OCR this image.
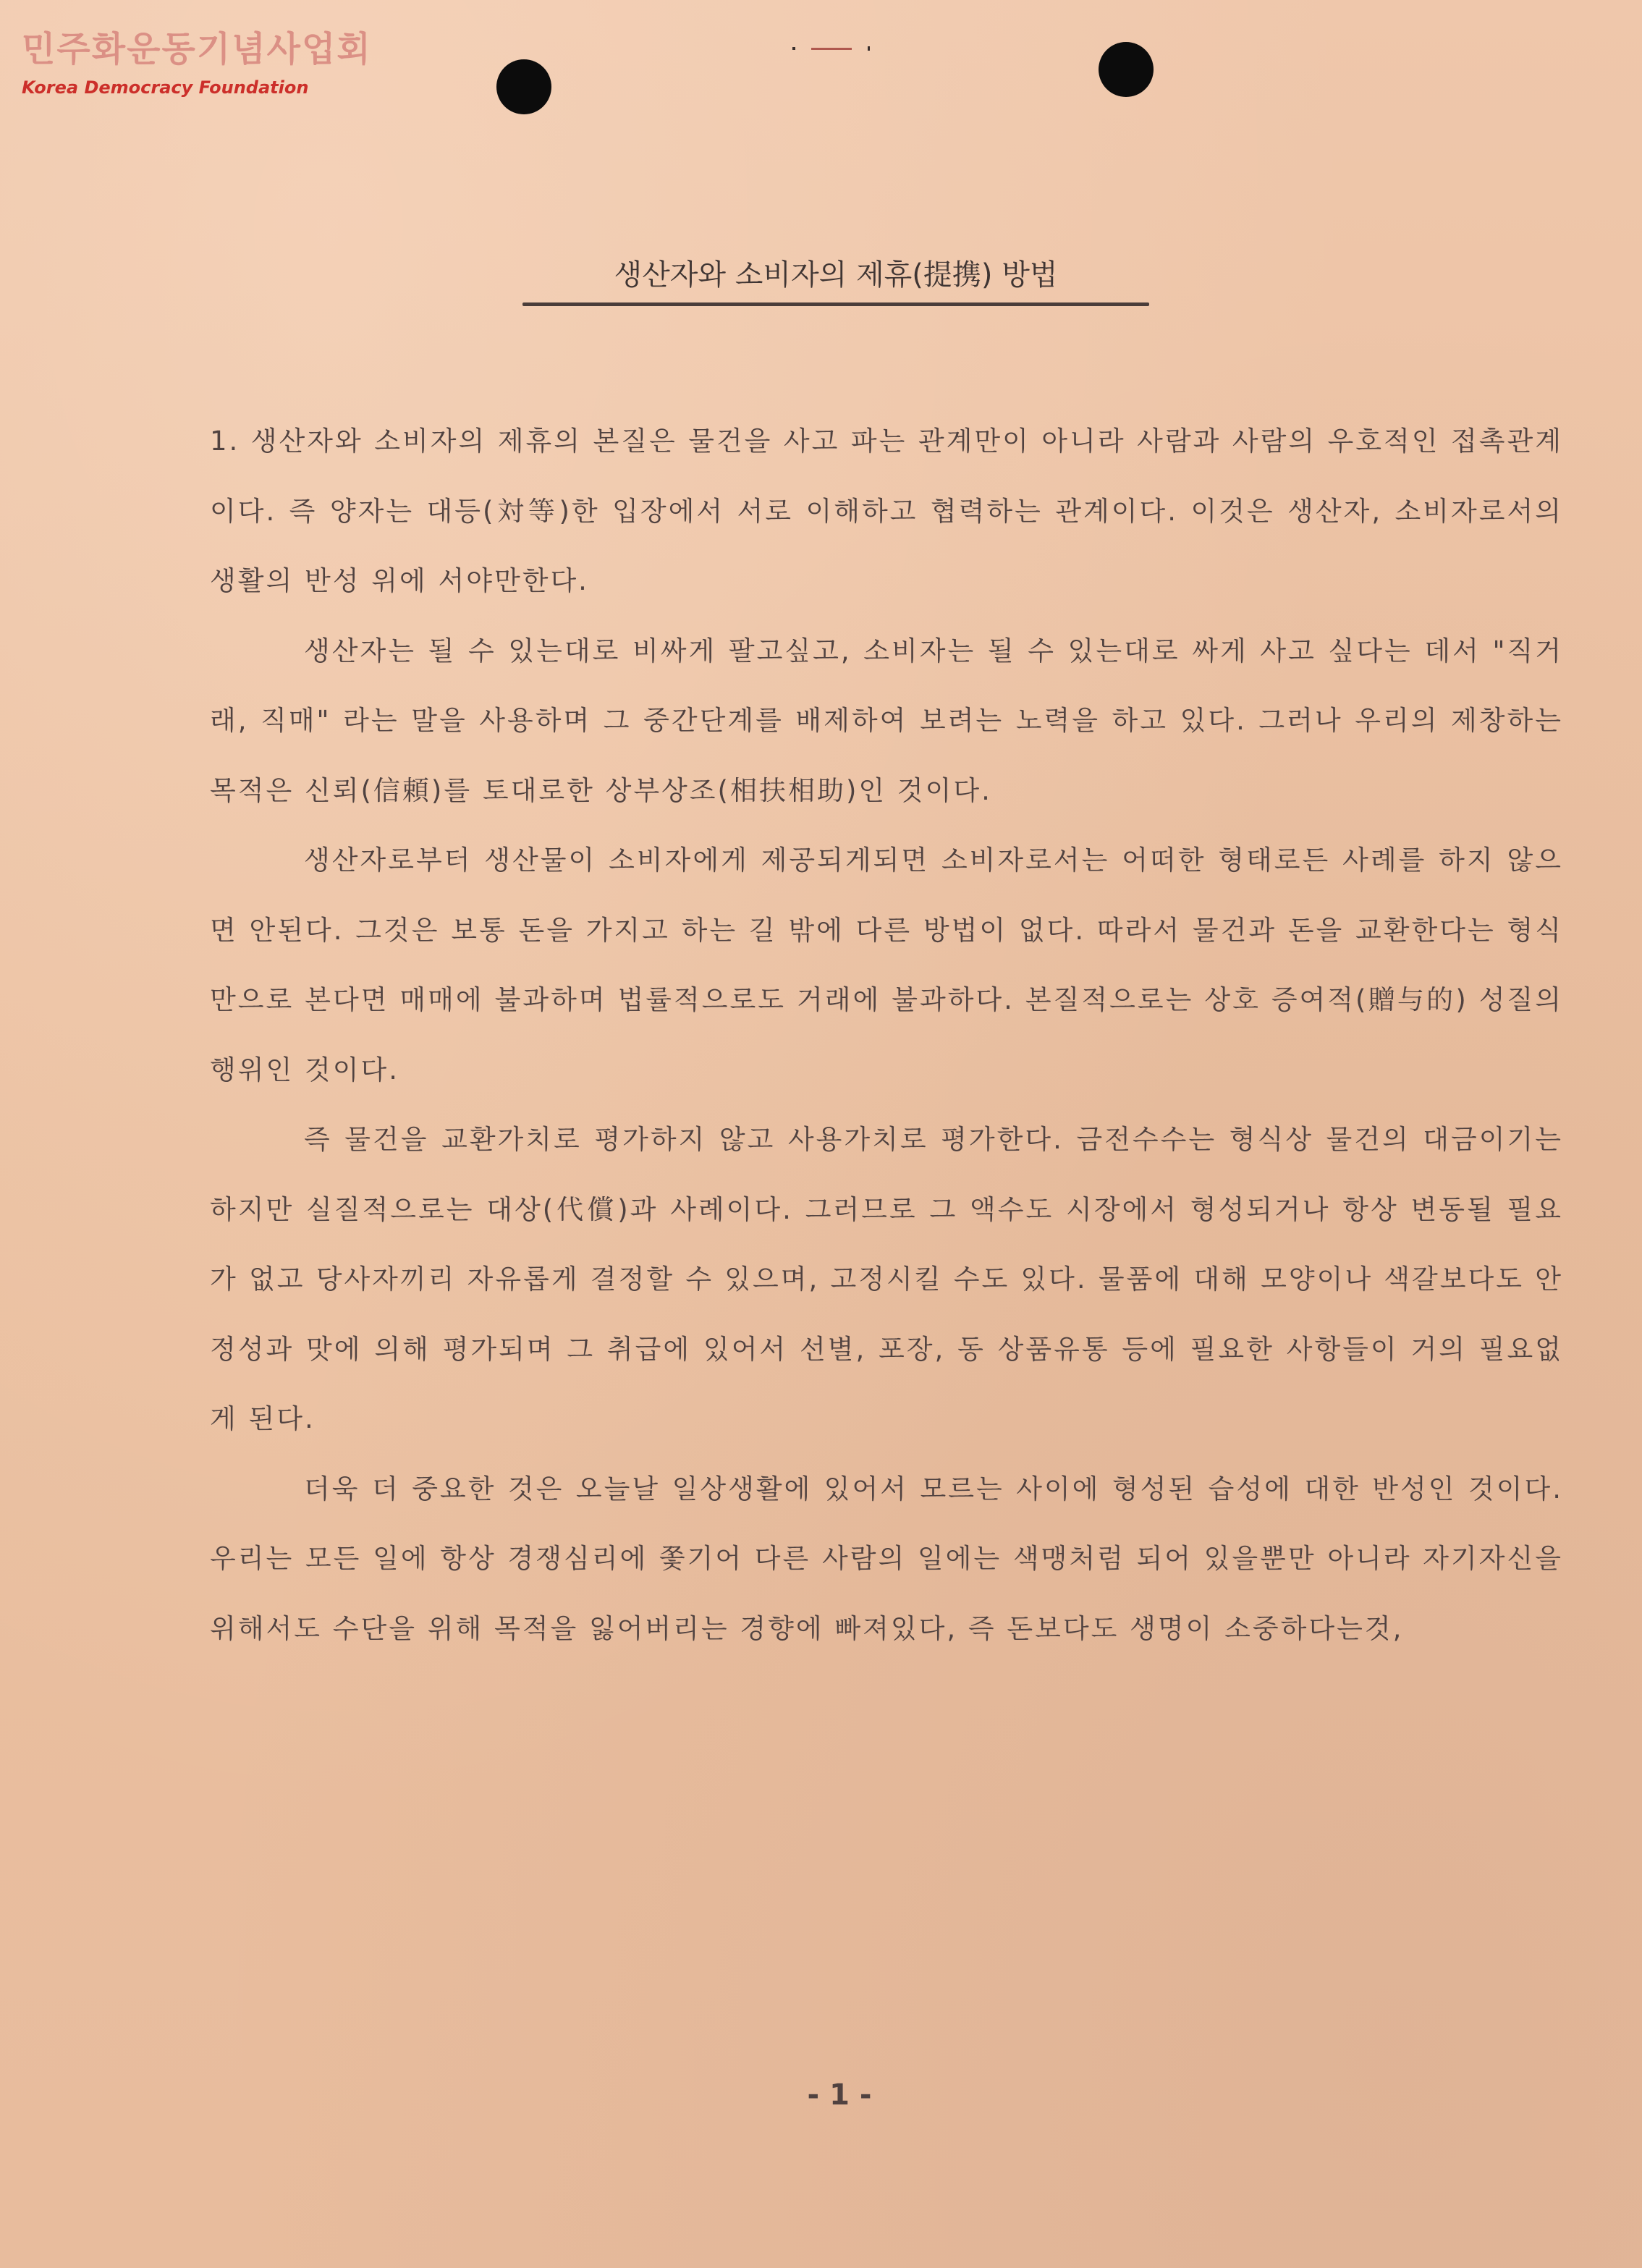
민주화운동기념사업회
Korea Democracy Foundation
생산자와 소비자의 제휴(提携) 방법

1. 생산자와 소비자의 제휴의 본질은 물건을 사고 파는 관계만이 아니라 사람과 사람의 우호적인 접촉관계이다. 즉 양자는 대등(対等)한 입장에서 서로 이해하고 협력하는 관계이다. 이것은 생산자, 소비자로서의 생활의 반성 위에 서야만한다.

생산자는 될 수 있는대로 비싸게 팔고싶고, 소비자는 될 수 있는대로 싸게 사고 싶다는 데서 "직거래, 직매" 라는 말을 사용하며 그 중간단계를 배제하여 보려는 노력을 하고 있다. 그러나 우리의 제창하는 목적은 신뢰(信頼)를 토대로한 상부상조(相扶相助)인 것이다.

생산자로부터 생산물이 소비자에게 제공되게되면 소비자로서는 어떠한 형태로든 사례를 하지 않으면 안된다. 그것은 보통 돈을 가지고 하는 길 밖에 다른 방법이 없다. 따라서 물건과 돈을 교환한다는 형식만으로 본다면 매매에 불과하며 법률적으로도 거래에 불과하다. 본질적으로는 상호 증여적(贈与的) 성질의 행위인 것이다.

즉 물건을 교환가치로 평가하지 않고 사용가치로 평가한다. 금전수수는 형식상 물건의 대금이기는 하지만 실질적으로는 대상(代償)과 사례이다. 그러므로 그 액수도 시장에서 형성되거나 항상 변동될 필요가 없고 당사자끼리 자유롭게 결정할 수 있으며, 고정시킬 수도 있다. 물품에 대해 모양이나 색갈보다도 안정성과 맛에 의해 평가되며 그 취급에 있어서 선별, 포장, 동 상품유통 등에 필요한 사항들이 거의 필요없게 된다.

더욱 더 중요한 것은 오늘날 일상생활에 있어서 모르는 사이에 형성된 습성에 대한 반성인 것이다. 우리는 모든 일에 항상 경쟁심리에 쫓기어 다른 사람의 일에는 색맹처럼 되어 있을뿐만 아니라 자기자신을 위해서도 수단을 위해 목적을 잃어버리는 경향에 빠져있다, 즉 돈보다도 생명이 소중하다는것,

- 1 -
